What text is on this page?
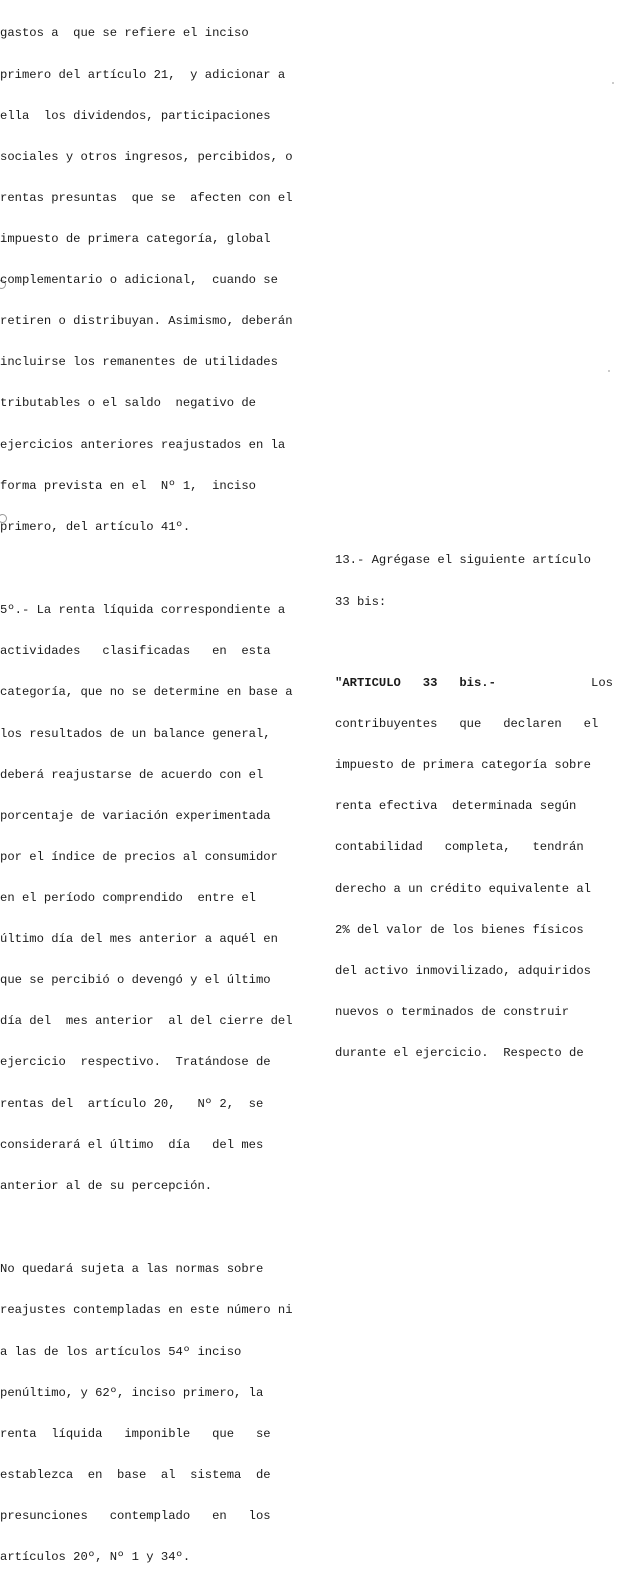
gastos a  que se refiere el inciso

primero del artículo 21,  y adicionar a

ella  los dividendos, participaciones

sociales y otros ingresos, percibidos, o

rentas presuntas  que se  afecten con el

impuesto de primera categoría, global

complementario o adicional,  cuando se

retiren o distribuyan. Asimismo, deberán

incluirse los remanentes de utilidades

tributables o el saldo  negativo de

ejercicios anteriores reajustados en la

forma prevista en el  Nº 1,  inciso

primero, del artículo 41º.

5º.- La renta líquida correspondiente a

actividades   clasificadas   en  esta

categoría, que no se determine en base a

los resultados de un balance general,

deberá reajustarse de acuerdo con el

porcentaje de variación experimentada

por el índice de precios al consumidor

en el período comprendido  entre el

último día del mes anterior a aquél en

que se percibió o devengó y el último

día del  mes anterior  al del cierre del

ejercicio  respectivo.  Tratándose de

rentas del  artículo 20,   Nº 2,  se

considerará el último  día   del mes

anterior al de su percepción.

No quedará sujeta a las normas sobre

reajustes contempladas en este número ni

a las de los artículos 54º inciso

penúltimo, y 62º, inciso primero, la

renta  líquida   imponible   que   se

establezca  en  base  al  sistema  de

presunciones   contemplado   en   los

artículos 20º, Nº 1 y 34º.

13.- Agrégase el siguiente artículo

33 bis:

"ARTICULO   33   bis.-	Los

contribuyentes   que   declaren   el

impuesto de primera categoría sobre

renta efectiva  determinada según

contabilidad   completa,   tendrán

derecho a un crédito equivalente al

2% del valor de los bienes físicos

del activo inmovilizado, adquiridos

nuevos o terminados de construir

durante el ejercicio.  Respecto de
